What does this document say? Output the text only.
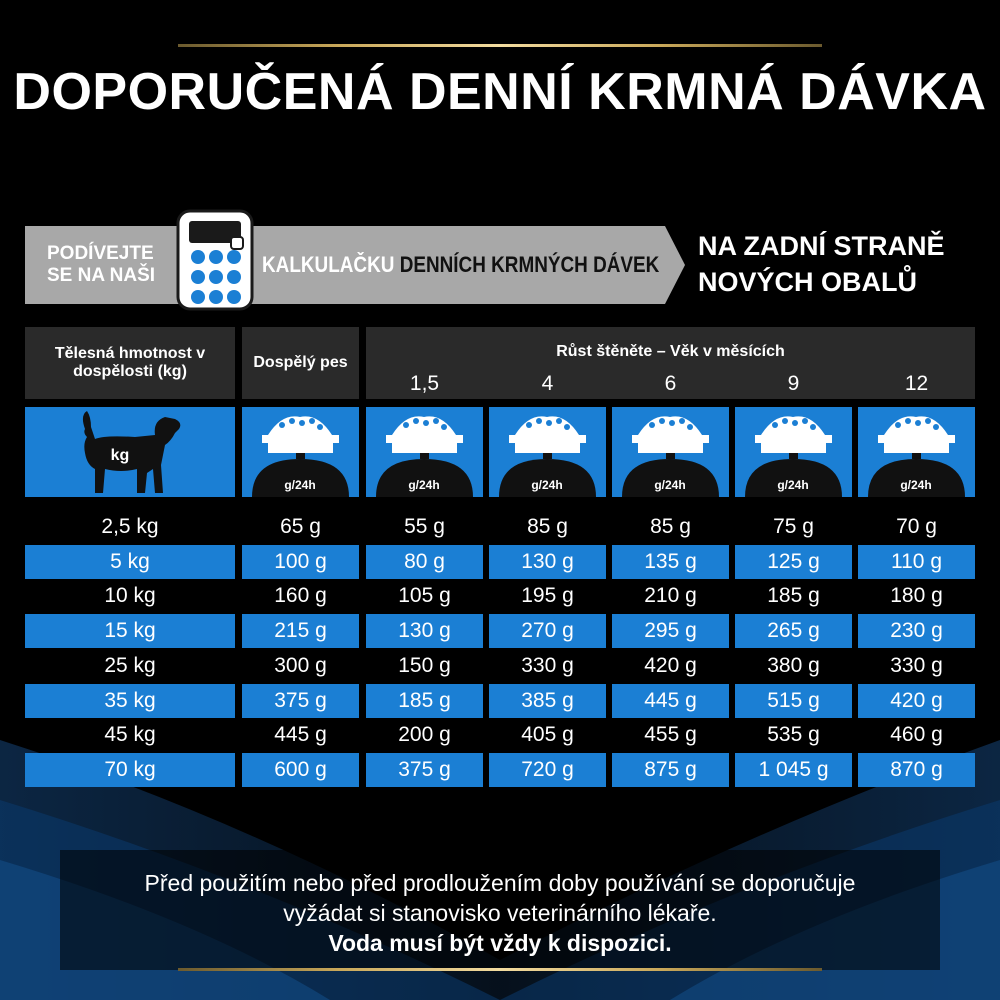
DOPORUČENÁ DENNÍ KRMNÁ DÁVKA
PODÍVEJTE SE NA NAŠI	KALKULAČKU DENNÍCH KRMNÝCH DÁVEK
NA ZADNÍ STRANĚ
NOVÝCH OBALŮ
Tělesná hmotnost v dospělosti (kg)
Dospělý pes
Růst štěněte – Věk v měsících
1,5	4	6	9	12
kg
g/24h	g/24h	g/24h	g/24h	g/24h	g/24h
2,5 kg	65 g	55 g	85 g	85 g	75 g	70 g
5 kg	100 g	80 g	130 g	135 g	125 g	110 g
10 kg	160 g	105 g	195 g	210 g	185 g	180 g
15 kg	215 g	130 g	270 g	295 g	265 g	230 g
25 kg	300 g	150 g	330 g	420 g	380 g	330 g
35 kg	375 g	185 g	385 g	445 g	515 g	420 g
45 kg	445 g	200 g	405 g	455 g	535 g	460 g
70 kg	600 g	375 g	720 g	875 g	1 045 g	870 g
Před použitím nebo před prodloužením doby používání se doporučuje
vyžádat si stanovisko veterinárního lékaře.
Voda musí být vždy k dispozici.
